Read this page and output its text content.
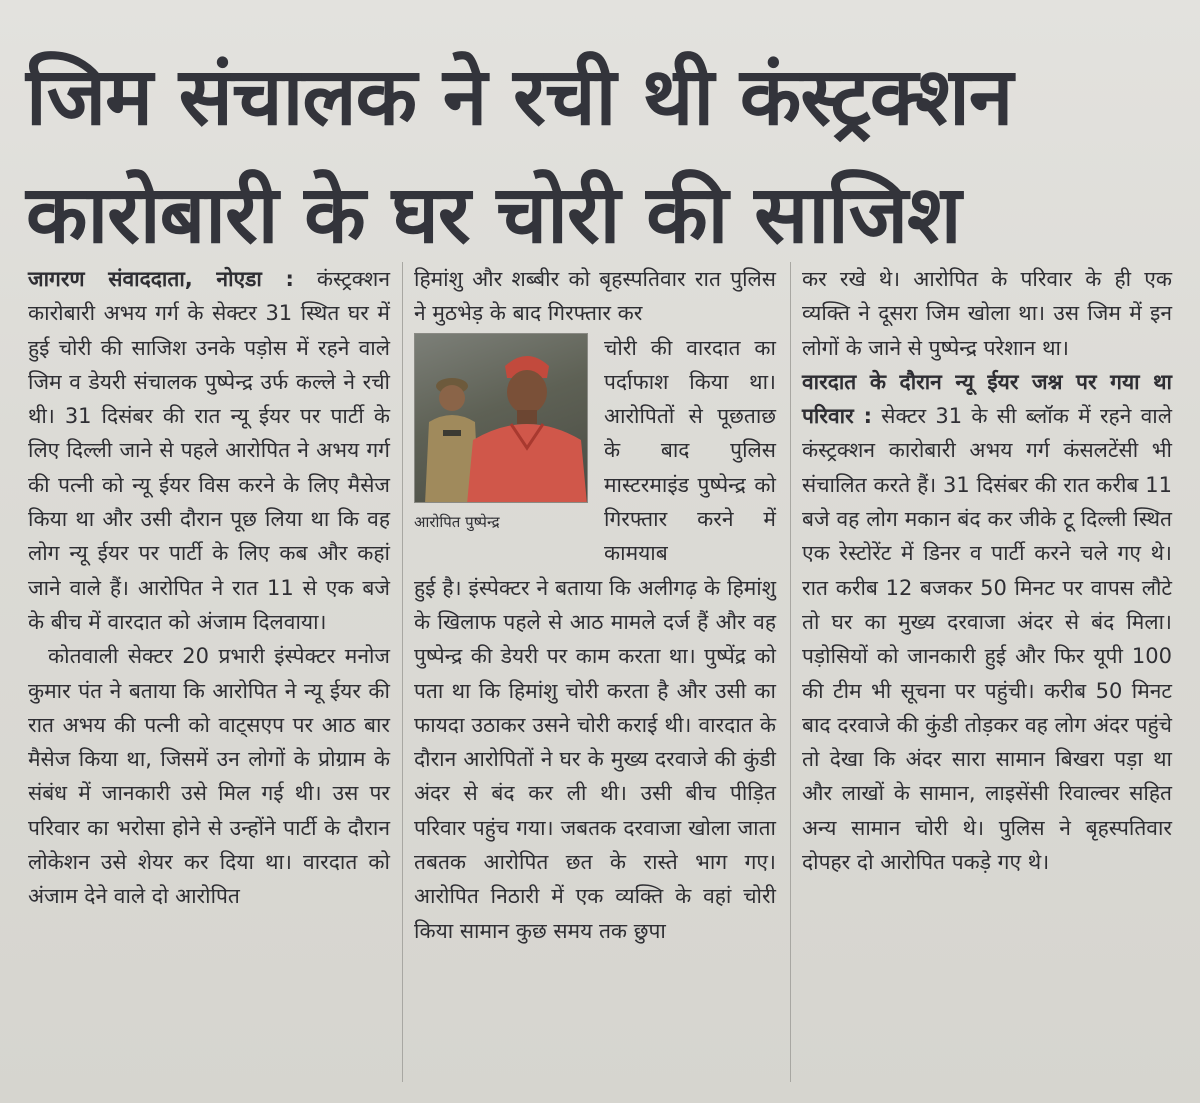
जिम संचालक ने रची थी कंस्ट्रक्शन
कारोबारी के घर चोरी की साजिश

जागरण संवाददाता, नोएडा : कंस्ट्रक्शन कारोबारी अभय गर्ग के सेक्टर 31 स्थित घर में हुई चोरी की साजिश उनके पड़ोस में रहने वाले जिम व डेयरी संचालक पुष्पेन्द्र उर्फ कल्ले ने रची थी। 31 दिसंबर की रात न्यू ईयर पर पार्टी के लिए दिल्ली जाने से पहले आरोपित ने अभय गर्ग की पत्नी को न्यू ईयर विस करने के लिए मैसेज किया था और उसी दौरान पूछ लिया था कि वह लोग न्यू ईयर पर पार्टी के लिए कब और कहां जाने वाले हैं। आरोपित ने रात 11 से एक बजे के बीच में वारदात को अंजाम दिलवाया।

कोतवाली सेक्टर 20 प्रभारी इंस्पेक्टर मनोज कुमार पंत ने बताया कि आरोपित ने न्यू ईयर की रात अभय की पत्नी को वाट्सएप पर आठ बार मैसेज किया था, जिसमें उन लोगों के प्रोग्राम के संबंध में जानकारी उसे मिल गई थी। उस पर परिवार का भरोसा होने से उन्होंने पार्टी के दौरान लोकेशन उसे शेयर कर दिया था। वारदात को अंजाम देने वाले दो आरोपित

हिमांशु और शब्बीर को बृहस्पतिवार रात पुलिस ने मुठभेड़ के बाद गिरफ्तार कर

आरोपित पुष्पेन्द्र

चोरी की वारदात का पर्दाफाश किया था। आरोपितों से पूछताछ के बाद पुलिस मास्टरमाइंड पुष्पेन्द्र को गिरफ्तार करने में कामयाब

हुई है। इंस्पेक्टर ने बताया कि अलीगढ़ के हिमांशु के खिलाफ पहले से आठ मामले दर्ज हैं और वह पुष्पेन्द्र की डेयरी पर काम करता था। पुष्पेंद्र को पता था कि हिमांशु चोरी करता है और उसी का फायदा उठाकर उसने चोरी कराई थी। वारदात के दौरान आरोपितों ने घर के मुख्य दरवाजे की कुंडी अंदर से बंद कर ली थी। उसी बीच पीड़ित परिवार पहुंच गया। जबतक दरवाजा खोला जाता तबतक आरोपित छत के रास्ते भाग गए। आरोपित निठारी में एक व्यक्ति के वहां चोरी किया सामान कुछ समय तक छुपा

कर रखे थे। आरोपित के परिवार के ही एक व्यक्ति ने दूसरा जिम खोला था। उस जिम में इन लोगों के जाने से पुष्पेन्द्र परेशान था।

वारदात के दौरान न्यू ईयर जश्न पर गया था परिवार : सेक्टर 31 के सी ब्लॉक में रहने वाले कंस्ट्रक्शन कारोबारी अभय गर्ग कंसलटेंसी भी संचालित करते हैं। 31 दिसंबर की रात करीब 11 बजे वह लोग मकान बंद कर जीके टू दिल्ली स्थित एक रेस्टोरेंट में डिनर व पार्टी करने चले गए थे। रात करीब 12 बजकर 50 मिनट पर वापस लौटे तो घर का मुख्य दरवाजा अंदर से बंद मिला। पड़ोसियों को जानकारी हुई और फिर यूपी 100 की टीम भी सूचना पर पहुंची। करीब 50 मिनट बाद दरवाजे की कुंडी तोड़कर वह लोग अंदर पहुंचे तो देखा कि अंदर सारा सामान बिखरा पड़ा था और लाखों के सामान, लाइसेंसी रिवाल्वर सहित अन्य सामान चोरी थे। पुलिस ने बृहस्पतिवार दोपहर दो आरोपित पकड़े गए थे।
